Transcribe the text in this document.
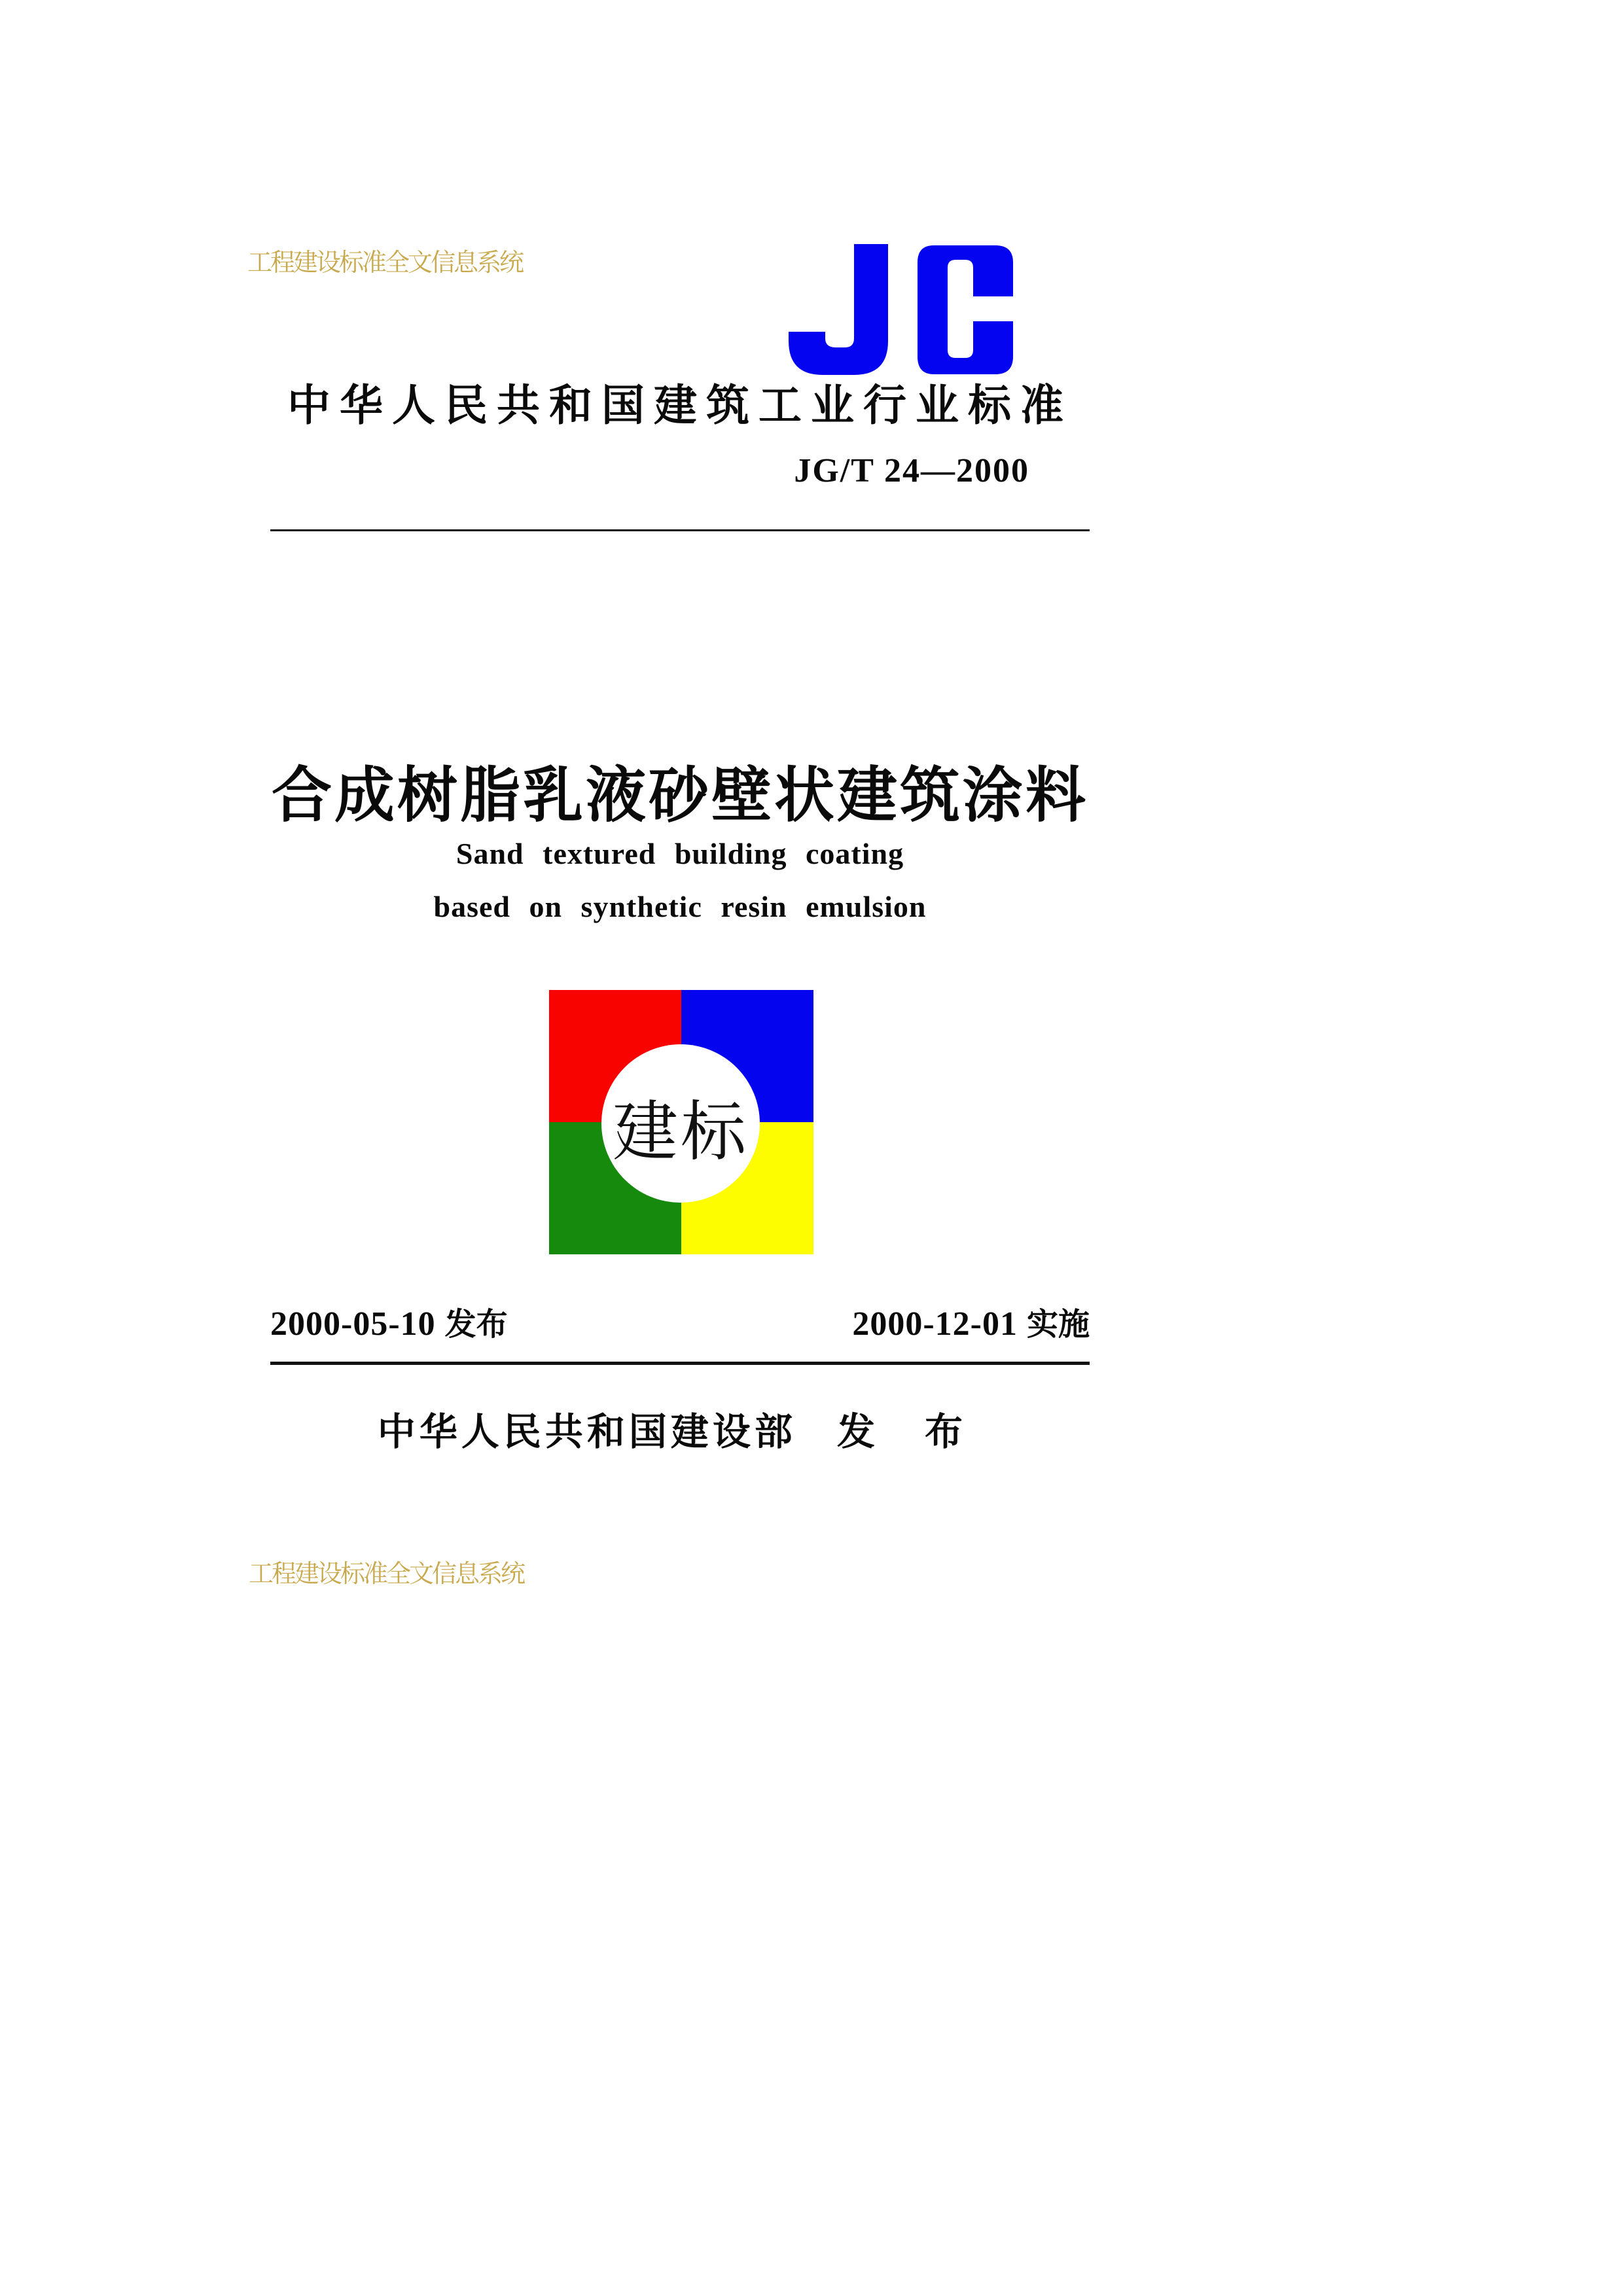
工程建设标准全文信息系统
中华人民共和国建筑工业行业标准
JG/T 24—2000
合成树脂乳液砂壁状建筑涂料
Sand textured building coating
based on synthetic resin emulsion
建标
2000-05-10 发布	2000-12-01 实施
中华人民共和国建设部 发 布
工程建设标准全文信息系统
